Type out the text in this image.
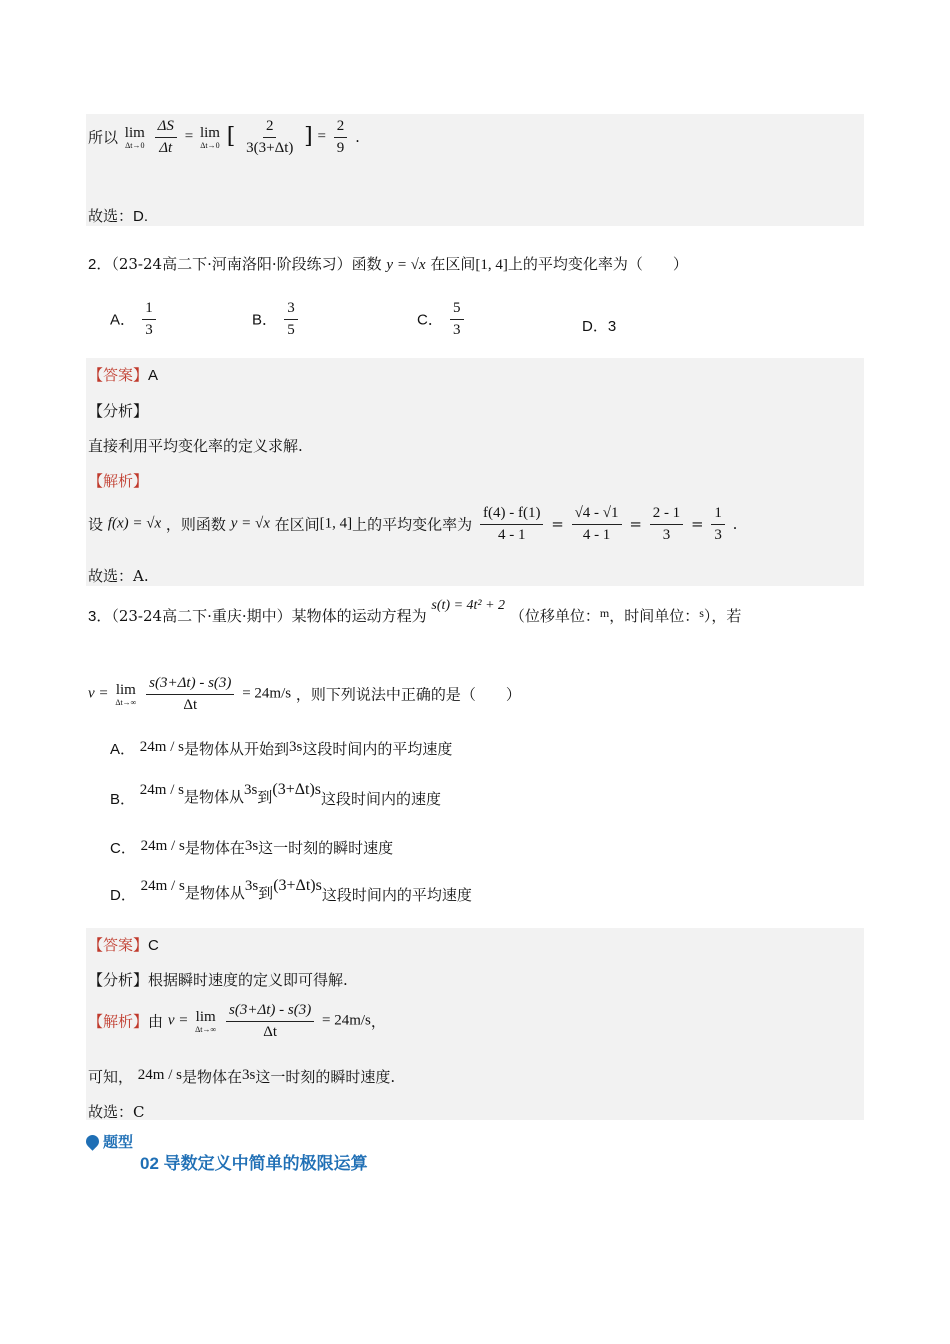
所以 lim
Δt→0
$\frac{\Delta S}{\Delta t} = \lim$
Δt→0 [ $\frac{2}{3(3+\Delta t)}$ ] = $\frac{2}{9}$ .
故选：D.
2．（23-24高二下·河南洛阳·阶段练习）函数 y = √x 在区间[1, 4]上的平均变化率为（　　）
A． $\frac{1}{3}$	B． $\frac{3}{5}$	C． $\frac{5}{3}$	D．3
【答案】A
【分析】
直接利用平均变化率的定义求解.
【解析】
设 f(x) = √x ，则函数 y = √x 在区间[1, 4]上的平均变化率为 $\frac{f(4) - f(1)}{4 - 1} = \frac{√4 - √1}{4 - 1} = \frac{2 - 1}{3} = \frac{1}{3}$ .
故选：A.
3．（23-24高二下·重庆·期中）某物体的运动方程为 s(t) = 4t² + 2 （位移单位：$^m$，时间单位：$^s$），若
v = lim
Δt→∞
$\frac{s(3+\Delta t) - s(3)}{\Delta t} = 24m/s$ ，则下列说法中正确的是（　　）
A． 24m / s是物体从开始到3s这段时间内的平均速度
B． 24m / s是物体从3s到(3+Δt)s这段时间内的速度
C． 24m / s是物体在3s这一时刻的瞬时速度
D． 24m / s是物体从3s到(3+Δt)s这段时间内的平均速度
【答案】C
【分析】根据瞬时速度的定义即可得解.
【解析】由 v = lim
Δt→∞
$\frac{s(3+\Delta t) - s(3)}{\Delta t} = 24m/s$，
可知， 24m / s是物体在3s这一时刻的瞬时速度.
故选：C
题型
02 导数定义中简单的极限运算
